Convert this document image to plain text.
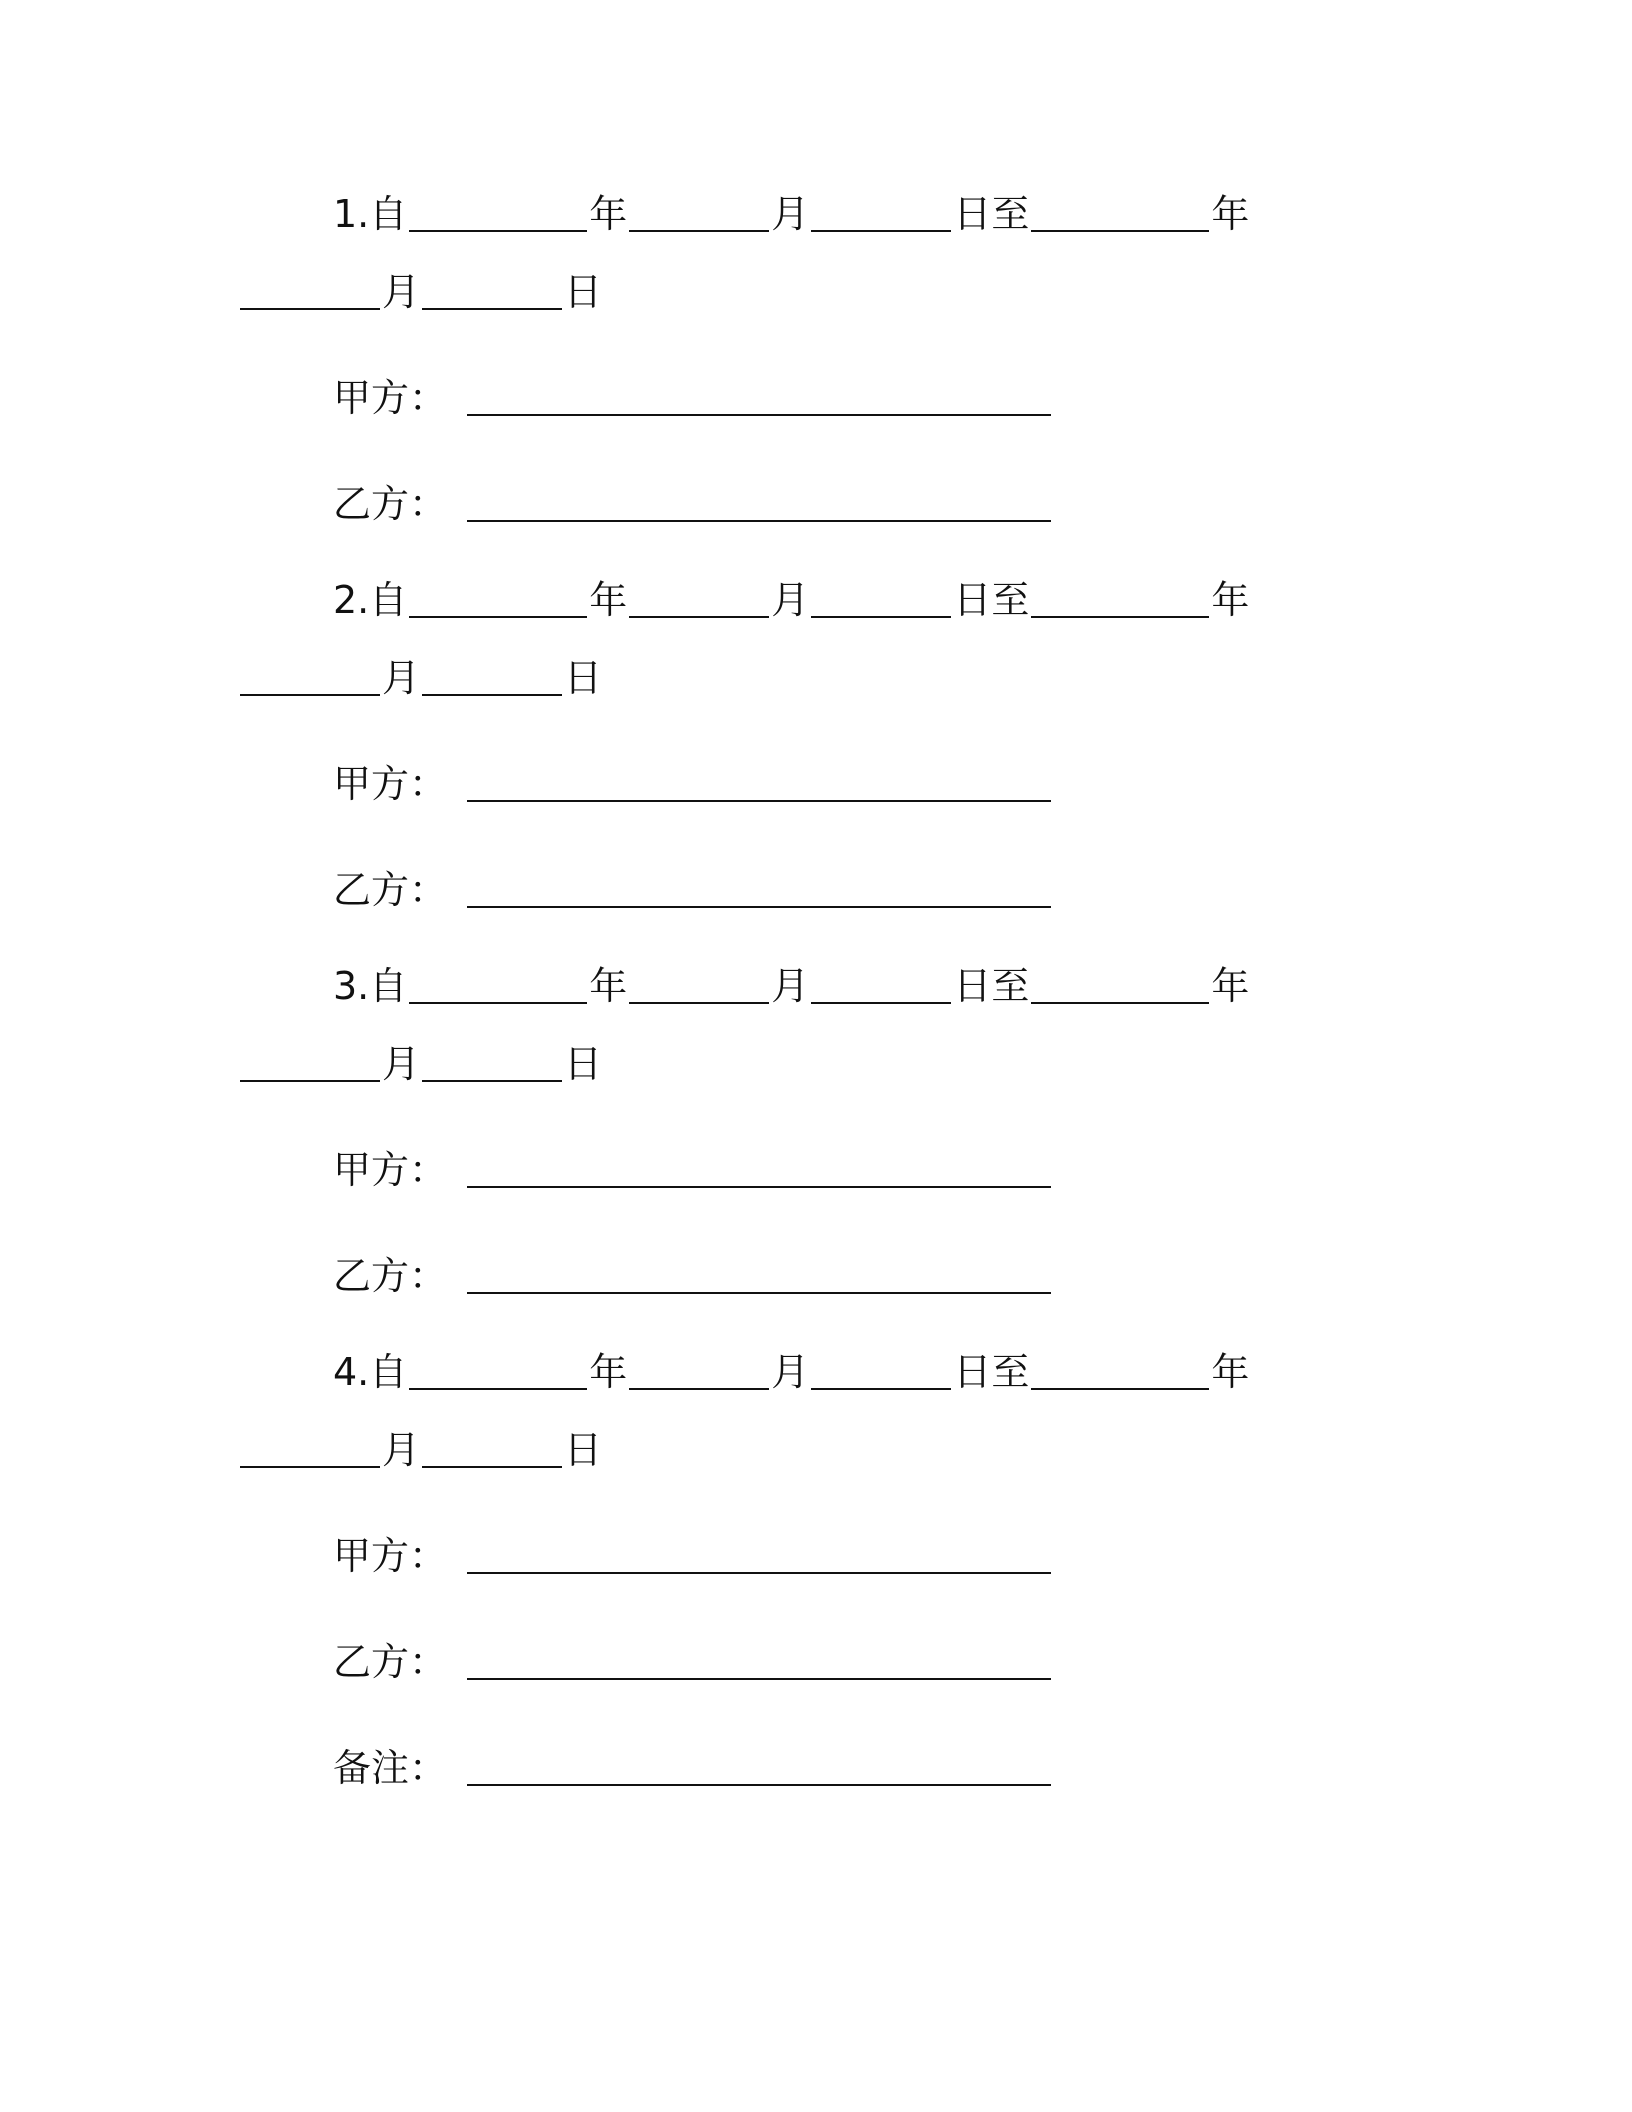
1. 自	年	月	日至	年
月	日
甲方：
乙方：
2. 自	年	月	日至	年
月	日
甲方：
乙方：
3. 自	年	月	日至	年
月	日
甲方：
乙方：
4. 自	年	月	日至	年
月	日
甲方：
乙方：
备注：
